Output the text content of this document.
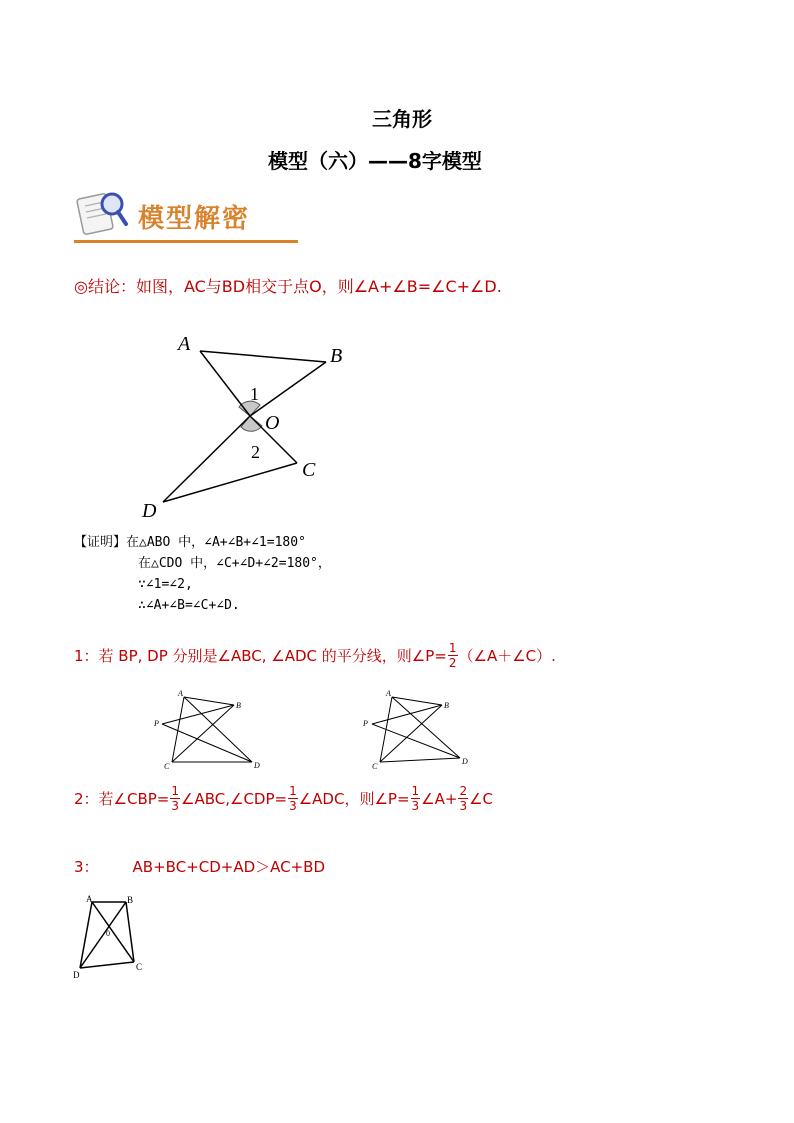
三角形
模型（六）——8字模型
模型解密
◎结论：如图，AC与BD相交于点O，则∠A+∠B=∠C+∠D.
A
B
C
D
O
1
2
【证明】 在△ABO 中，∠A+∠B+∠1=180°
在△CDO 中，∠C+∠D+∠2=180°，
∵∠1=∠2,
∴∠A+∠B=∠C+∠D.
1：若 BP, DP 分别是∠ABC, ∠ADC 的平分线，则∠P= $\frac{1}{2}$ （∠A＋∠C）.
A
B
C	D
P
A
B
C
D
P
2：若∠CBP= $\frac{1}{3}$ ∠ABC,∠CDP= $\frac{1}{3}$ ∠ADC，则∠P= $\frac{1}{3}$ ∠A+ $\frac{2}{3}$ ∠C
3： AB+BC+CD+AD＞AC+BD
A	B
C
D
0
